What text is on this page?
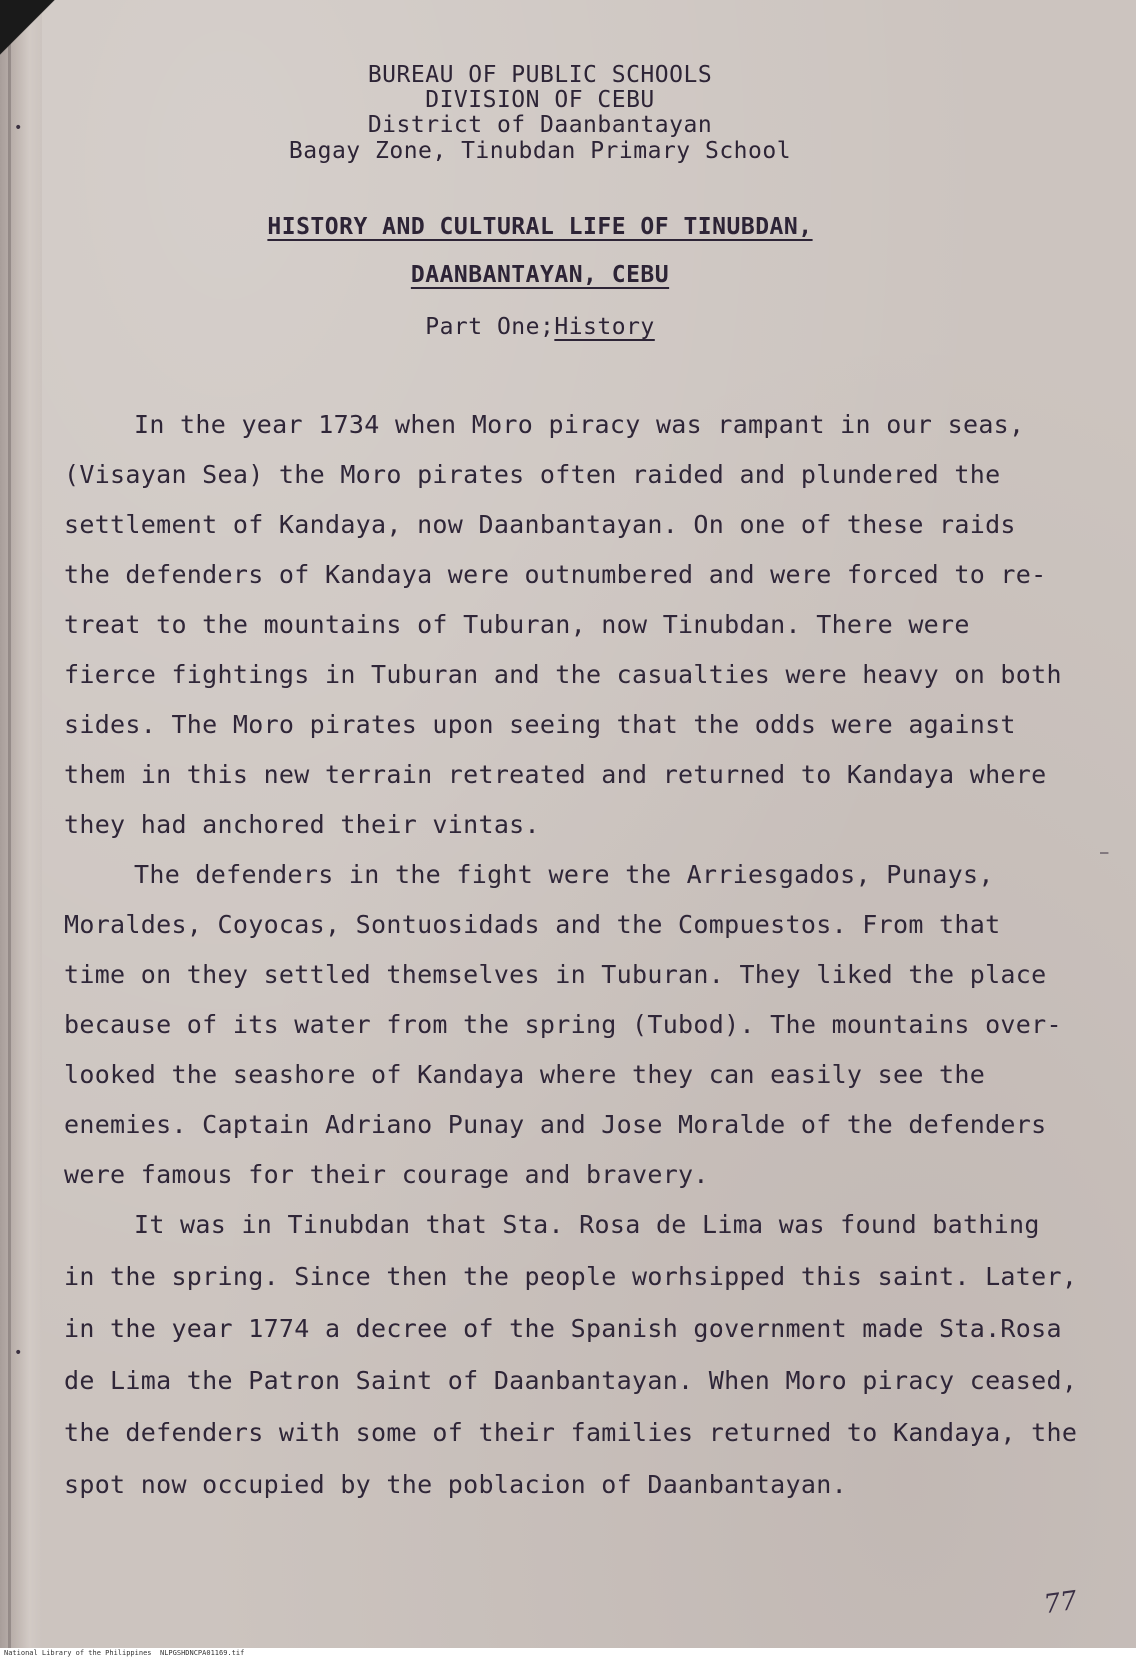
BUREAU OF PUBLIC SCHOOLS
DIVISION OF CEBU
District of Daanbantayan
Bagay Zone, Tinubdan Primary School
HISTORY AND CULTURAL LIFE OF TINUBDAN,
DAANBANTAYAN, CEBU
Part One;History
In the year 1734 when Moro piracy was rampant in our seas,
(Visayan Sea) the Moro pirates often raided and plundered the
settlement of Kandaya, now Daanbantayan. On one of these raids
the defenders of Kandaya were outnumbered and were forced to re-
treat to the mountains of Tuburan, now Tinubdan. There were
fierce fightings in Tuburan and the casualties were heavy on both
sides. The Moro pirates upon seeing that the odds were against
them in this new terrain retreated and returned to Kandaya where
they had anchored their vintas.
The defenders in the fight were the Arriesgados, Punays,
Moraldes, Coyocas, Sontuosidads and the Compuestos. From that
time on they settled themselves in Tuburan. They liked the place
because of its water from the spring (Tubod). The mountains over-
looked the seashore of Kandaya where they can easily see the
enemies. Captain Adriano Punay and Jose Moralde of the defenders
were famous for their courage and bravery.
It was in Tinubdan that Sta. Rosa de Lima was found bathing
in the spring. Since then the people worhsipped this saint. Later,
in the year 1774 a decree of the Spanish government made Sta.Rosa
de Lima the Patron Saint of Daanbantayan. When Moro piracy ceased,
the defenders with some of their families returned to Kandaya, the
spot now occupied by the poblacion of Daanbantayan.
•
•
–
77
National Library of the Philippines NLPGSHDNCPA01169.tif
